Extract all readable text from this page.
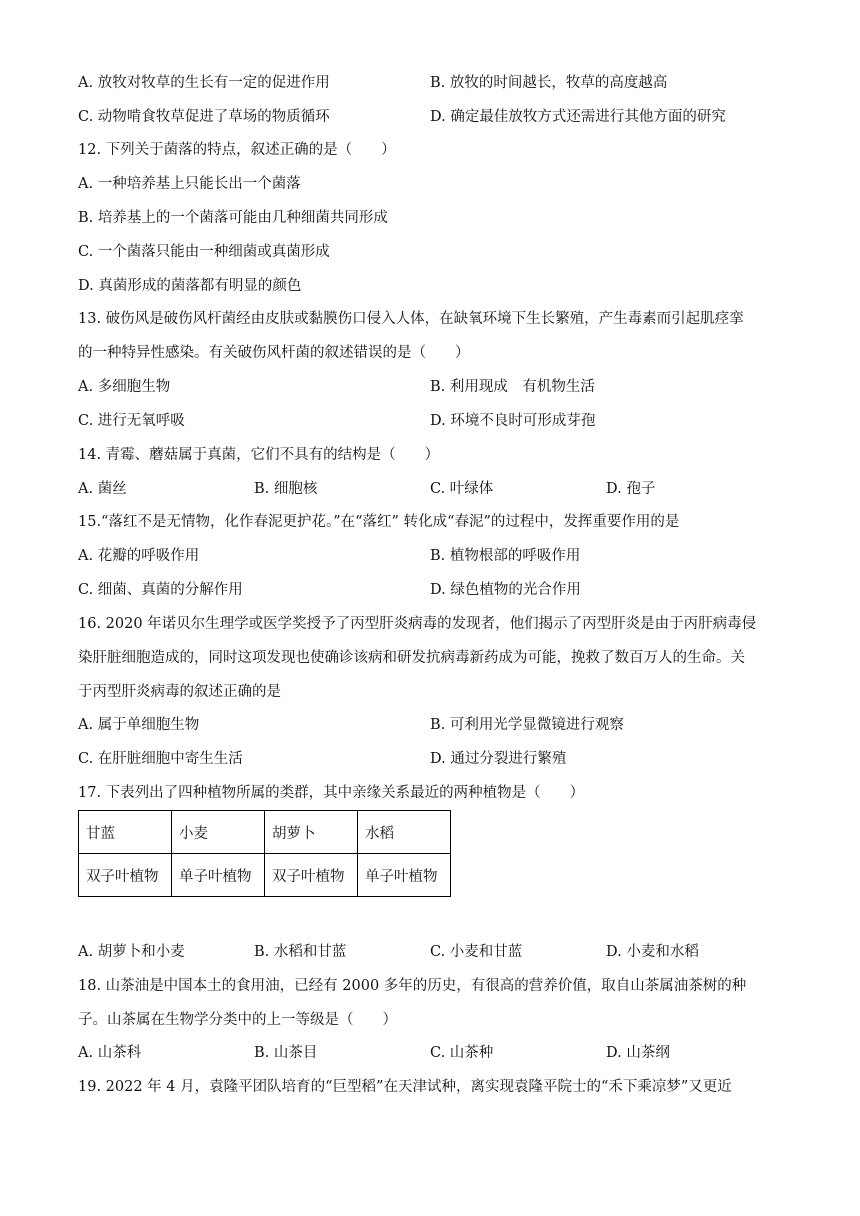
A. 放牧对牧草的生长有一定的促进作用	B. 放牧的时间越长，牧草的高度越高
C. 动物啃食牧草促进了草场的物质循环	D. 确定最佳放牧方式还需进行其他方面的研究
12. 下列关于菌落的特点，叙述正确的是（　　）
A. 一种培养基上只能长出一个菌落
B. 培养基上的一个菌落可能由几种细菌共同形成
C. 一个菌落只能由一种细菌或真菌形成
D. 真菌形成的菌落都有明显的颜色
13. 破伤风是破伤风杆菌经由皮肤或黏膜伤口侵入人体，在缺氧环境下生长繁殖，产生毒素而引起肌痉挛
的一种特异性感染。有关破伤风杆菌的叙述错误的是（　　）
A. 多细胞生物	B. 利用现成　有机物生活
C. 进行无氧呼吸	D. 环境不良时可形成芽孢
14. 青霉、蘑菇属于真菌，它们不具有的结构是（　　）
A. 菌丝	B. 细胞核	C. 叶绿体	D. 孢子
15.“落红不是无情物，化作春泥更护花。”在“落红” 转化成“春泥”的过程中，发挥重要作用的是
A. 花瓣的呼吸作用	B. 植物根部的呼吸作用
C. 细菌、真菌的分解作用	D. 绿色植物的光合作用
16. 2020 年诺贝尔生理学或医学奖授予了丙型肝炎病毒的发现者，他们揭示了丙型肝炎是由于丙肝病毒侵
染肝脏细胞造成的，同时这项发现也使确诊该病和研发抗病毒新药成为可能，挽救了数百万人的生命。关
于丙型肝炎病毒的叙述正确的是
A. 属于单细胞生物	B. 可利用光学显微镜进行观察
C. 在肝脏细胞中寄生生活	D. 通过分裂进行繁殖
17. 下表列出了四种植物所属的类群，其中亲缘关系最近的两种植物是（　　）
甘蓝	小麦	胡萝卜	水稻
双子叶植物	单子叶植物	双子叶植物	单子叶植物
A. 胡萝卜和小麦	B. 水稻和甘蓝	C. 小麦和甘蓝	D. 小麦和水稻
18. 山茶油是中国本土的食用油，已经有 2000 多年的历史，有很高的营养价值，取自山茶属油茶树的种
子。山茶属在生物学分类中的上一等级是（　　）
A. 山茶科	B. 山茶目	C. 山茶种	D. 山茶纲
19. 2022 年 4 月，袁隆平团队培育的“巨型稻”在天津试种，离实现袁隆平院士的“禾下乘凉梦”又更近
